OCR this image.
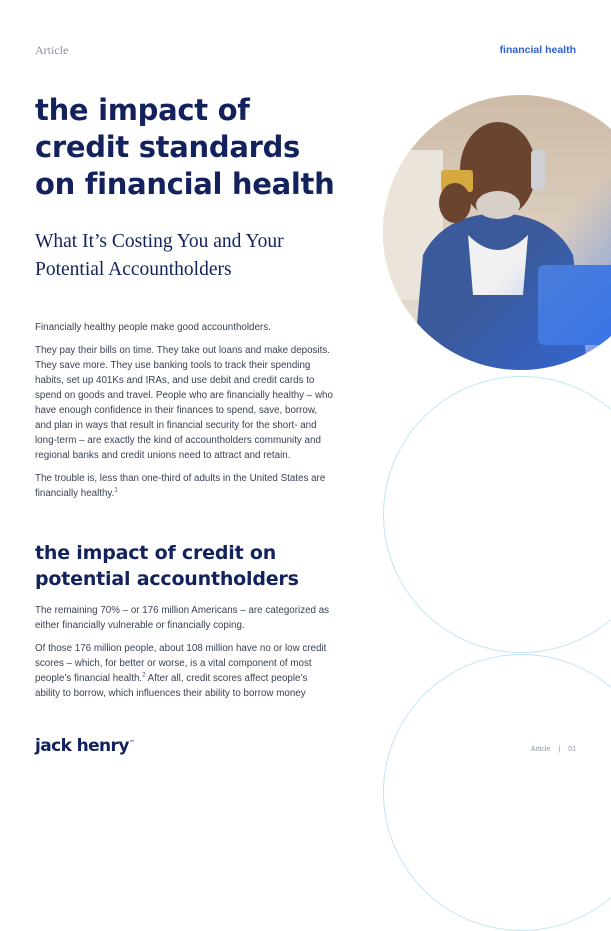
Article	financial health
the impact of
credit standards
on financial health
What It’s Costing You and Your
Potential Accountholders

Financially healthy people make good accountholders.

They pay their bills on time. They take out loans and make deposits. They save more. They use banking tools to track their spending habits, set up 401Ks and IRAs, and use debit and credit cards to spend on goods and travel. People who are financially healthy – who have enough confidence in their finances to spend, save, borrow, and plan in ways that result in financial security for the short- and long-term – are exactly the kind of accountholders community and regional banks and credit unions need to attract and retain.

The trouble is, less than one-third of adults in the United States are financially healthy.$^1$

the impact of credit on
potential accountholders

The remaining 70% – or 176 million Americans – are categorized as either financially vulnerable or financially coping.

Of those 176 million people, about 108 million have no or low credit scores – which, for better or worse, is a vital component of most people’s financial health.$^2$ After all, credit scores affect people’s ability to borrow, which influences their ability to borrow money

jack henry™
Article | 01
